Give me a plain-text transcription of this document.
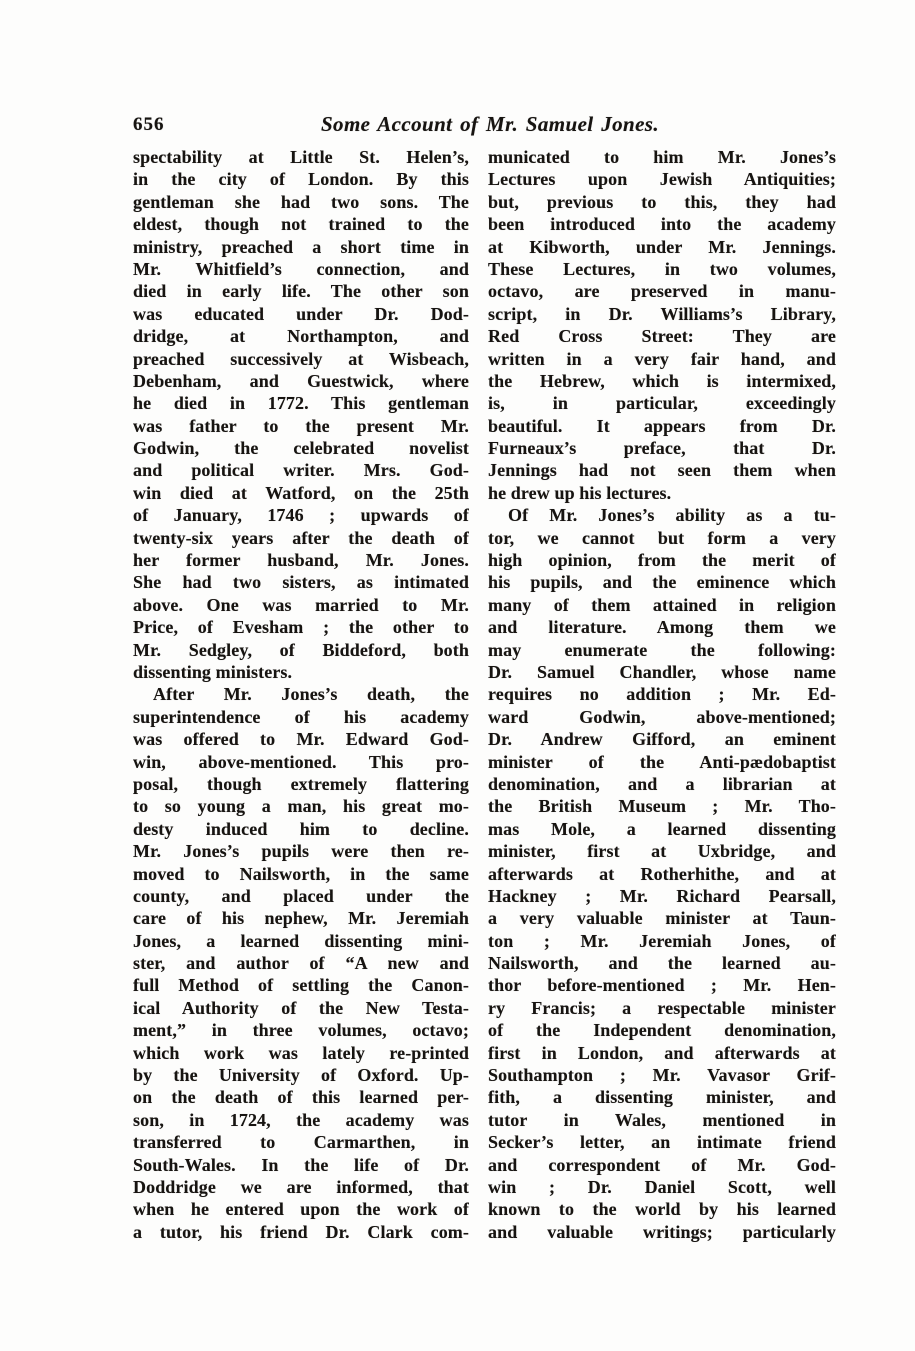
656	Some Account of Mr. Samuel Jones.
spectability at Little St. Helen’s,
in the city of London. By this
gentleman she had two sons. The
eldest, though not trained to the
ministry, preached a short time in
Mr. Whitfield’s connection, and
died in early life. The other son
was educated under Dr. Dod-
dridge, at Northampton, and
preached successively at Wisbeach,
Debenham, and Guestwick, where
he died in 1772. This gentleman
was father to the present Mr.
Godwin, the celebrated novelist
and political writer. Mrs. God-
win died at Watford, on the 25th
of January, 1746 ; upwards of
twenty-six years after the death of
her former husband, Mr. Jones.
She had two sisters, as intimated
above. One was married to Mr.
Price, of Evesham ; the other to
Mr. Sedgley, of Biddeford, both
dissenting ministers.
After Mr. Jones’s death, the
superintendence of his academy
was offered to Mr. Edward God-
win, above-mentioned. This pro-
posal, though extremely flattering
to so young a man, his great mo-
desty induced him to decline.
Mr. Jones’s pupils were then re-
moved to Nailsworth, in the same
county, and placed under the
care of his nephew, Mr. Jeremiah
Jones, a learned dissenting mini-
ster, and author of “A new and
full Method of settling the Canon-
ical Authority of the New Testa-
ment,” in three volumes, octavo;
which work was lately re-printed
by the University of Oxford. Up-
on the death of this learned per-
son, in 1724, the academy was
transferred to Carmarthen, in
South-Wales. In the life of Dr.
Doddridge we are informed, that
when he entered upon the work of
a tutor, his friend Dr. Clark com-
municated to him Mr. Jones’s
Lectures upon Jewish Antiquities;
but, previous to this, they had
been introduced into the academy
at Kibworth, under Mr. Jennings.
These Lectures, in two volumes,
octavo, are preserved in manu-
script, in Dr. Williams’s Library,
Red Cross Street: They are
written in a very fair hand, and
the Hebrew, which is intermixed,
is, in particular, exceedingly
beautiful. It appears from Dr.
Furneaux’s preface, that Dr.
Jennings had not seen them when
he drew up his lectures.
Of Mr. Jones’s ability as a tu-
tor, we cannot but form a very
high opinion, from the merit of
his pupils, and the eminence which
many of them attained in religion
and literature. Among them we
may enumerate the following:
Dr. Samuel Chandler, whose name
requires no addition ; Mr. Ed-
ward Godwin, above-mentioned;
Dr. Andrew Gifford, an eminent
minister of the Anti-pædobaptist
denomination, and a librarian at
the British Museum ; Mr. Tho-
mas Mole, a learned dissenting
minister, first at Uxbridge, and
afterwards at Rotherhithe, and at
Hackney ; Mr. Richard Pearsall,
a very valuable minister at Taun-
ton ; Mr. Jeremiah Jones, of
Nailsworth, and the learned au-
thor before-mentioned ; Mr. Hen-
ry Francis; a respectable minister
of the Independent denomination,
first in London, and afterwards at
Southampton ; Mr. Vavasor Grif-
fith, a dissenting minister, and
tutor in Wales, mentioned in
Secker’s letter, an intimate friend
and correspondent of Mr. God-
win ; Dr. Daniel Scott, well
known to the world by his learned
and valuable writings; particularly
